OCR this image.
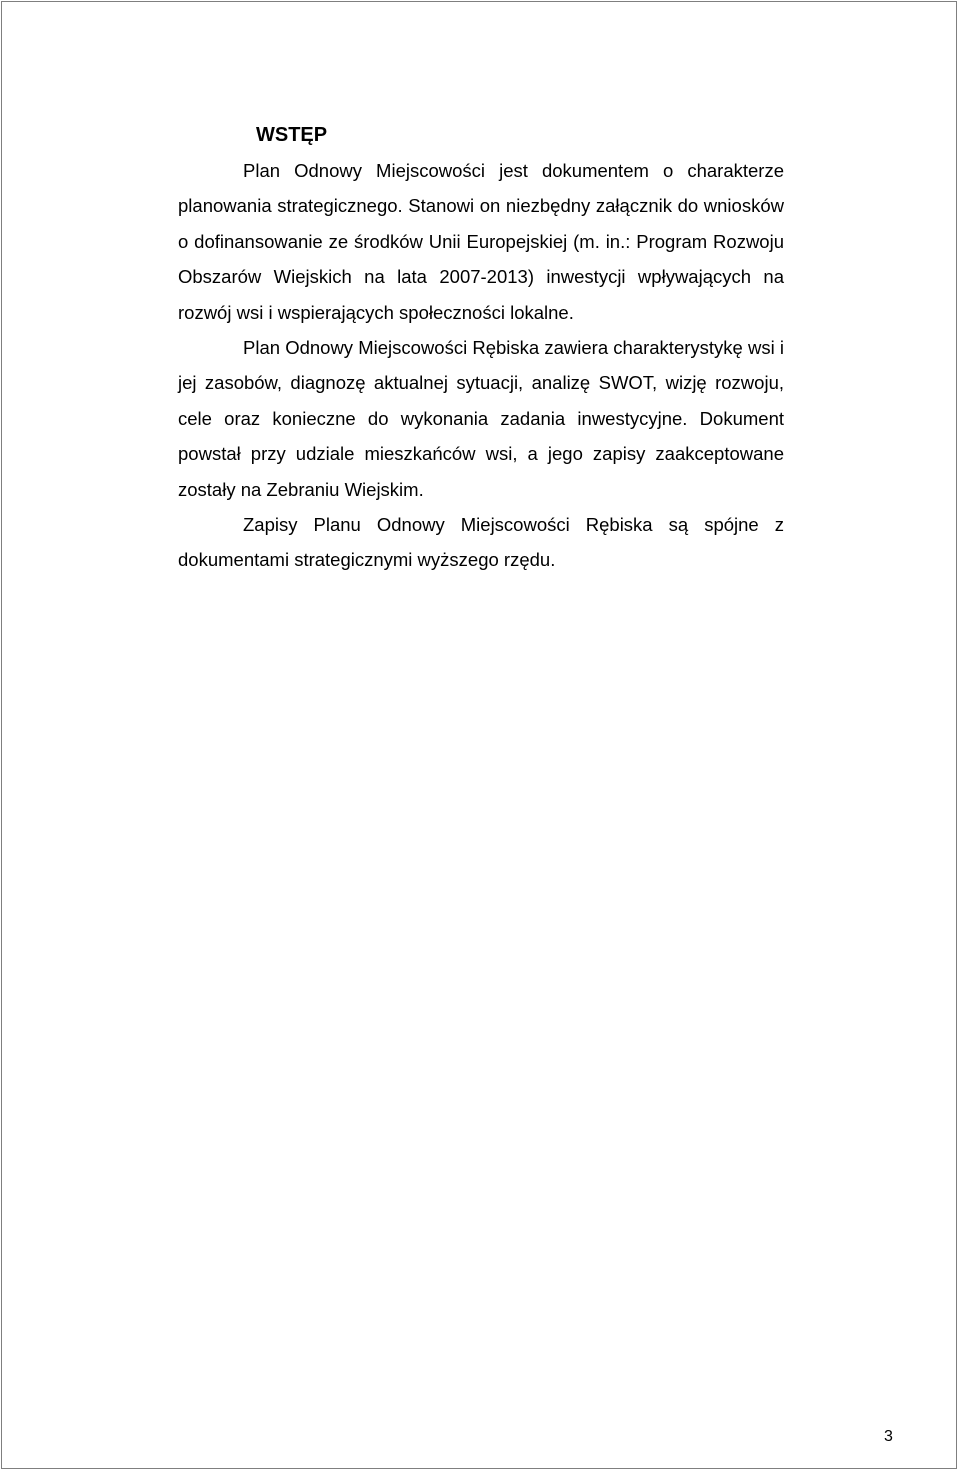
WSTĘP

Plan Odnowy Miejscowości jest dokumentem o charakterze planowania strategicznego. Stanowi on niezbędny załącznik do wniosków o dofinansowanie ze środków Unii Europejskiej (m. in.: Program Rozwoju Obszarów Wiejskich na lata 2007-2013) inwestycji wpływających na rozwój wsi i wspierających społeczności lokalne.

Plan Odnowy Miejscowości Rębiska zawiera charakterystykę wsi i jej zasobów, diagnozę aktualnej sytuacji, analizę SWOT, wizję rozwoju, cele oraz konieczne do wykonania zadania inwestycyjne. Dokument powstał przy udziale mieszkańców wsi, a jego zapisy zaakceptowane zostały na Zebraniu Wiejskim.

Zapisy Planu Odnowy Miejscowości Rębiska są spójne z dokumentami strategicznymi wyższego rzędu.

3
